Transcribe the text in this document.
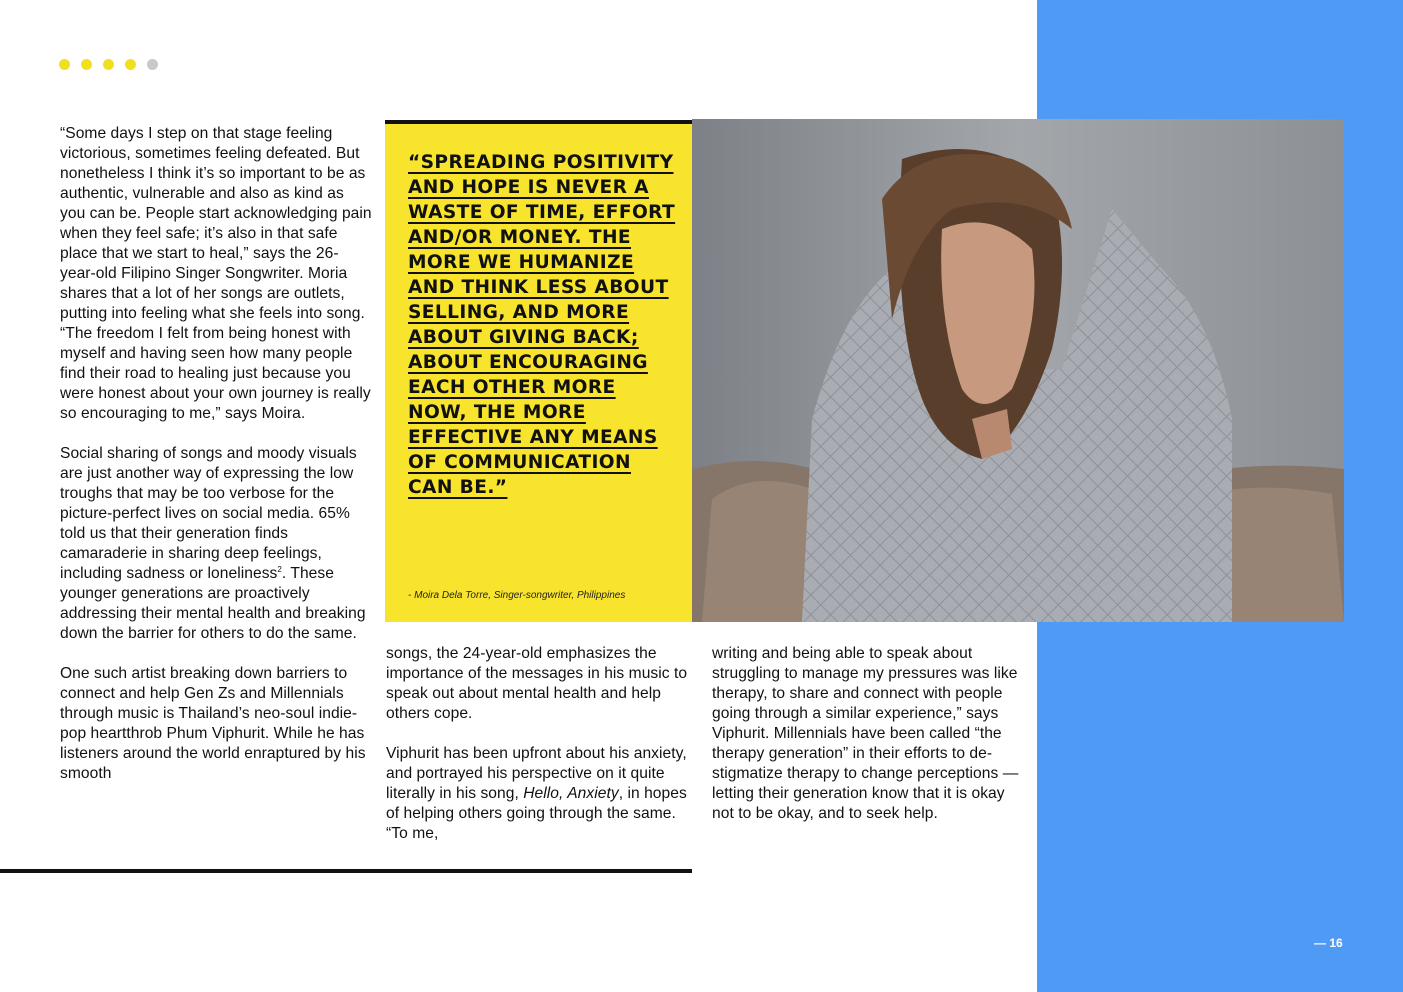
“Some days I step on that stage feeling victorious, sometimes feeling defeated. But nonetheless I think it’s so important to be as authentic, vulnerable and also as kind as you can be. People start acknowledging pain when they feel safe; it’s also in that safe place that we start to heal,” says the 26-year-old Filipino Singer Songwriter. Moria shares that a lot of her songs are outlets, putting into feeling what she feels into song. “The freedom I felt from being honest with myself and having seen how many people find their road to healing just because you were honest about your own journey is really so encouraging to me,” says Moira.

Social sharing of songs and moody visuals are just another way of expressing the low troughs that may be too verbose for the picture-perfect lives on social media. 65% told us that their generation finds camaraderie in sharing deep feelings, including sadness or loneliness$^2$. These younger generations are proactively addressing their mental health and breaking down the barrier for others to do the same.

One such artist breaking down barriers to connect and help Gen Zs and Millennials through music is Thailand’s neo-soul indie-pop heartthrob Phum Viphurit. While he has listeners around the world enraptured by his smooth

“SPREADING POSITIVITY AND HOPE IS NEVER A WASTE OF TIME, EFFORT AND/OR MONEY. THE MORE WE HUMANIZE AND THINK LESS ABOUT SELLING, AND MORE ABOUT GIVING BACK; ABOUT ENCOURAGING EACH OTHER MORE NOW, THE MORE EFFECTIVE ANY MEANS OF COMMUNICATION CAN BE.”
- Moira Dela Torre, Singer-songwriter, Philippines

songs, the 24-year-old emphasizes the importance of the messages in his music to speak out about mental health and help others cope.

Viphurit has been upfront about his anxiety, and portrayed his perspective on it quite literally in his song, Hello, Anxiety, in hopes of helping others going through the same. “To me,

writing and being able to speak about struggling to manage my pressures was like therapy, to share and connect with people going through a similar experience,” says Viphurit. Millennials have been called “the therapy generation” in their efforts to de-stigmatize therapy to change perceptions — letting their generation know that it is okay not to be okay, and to seek help.

— 16
